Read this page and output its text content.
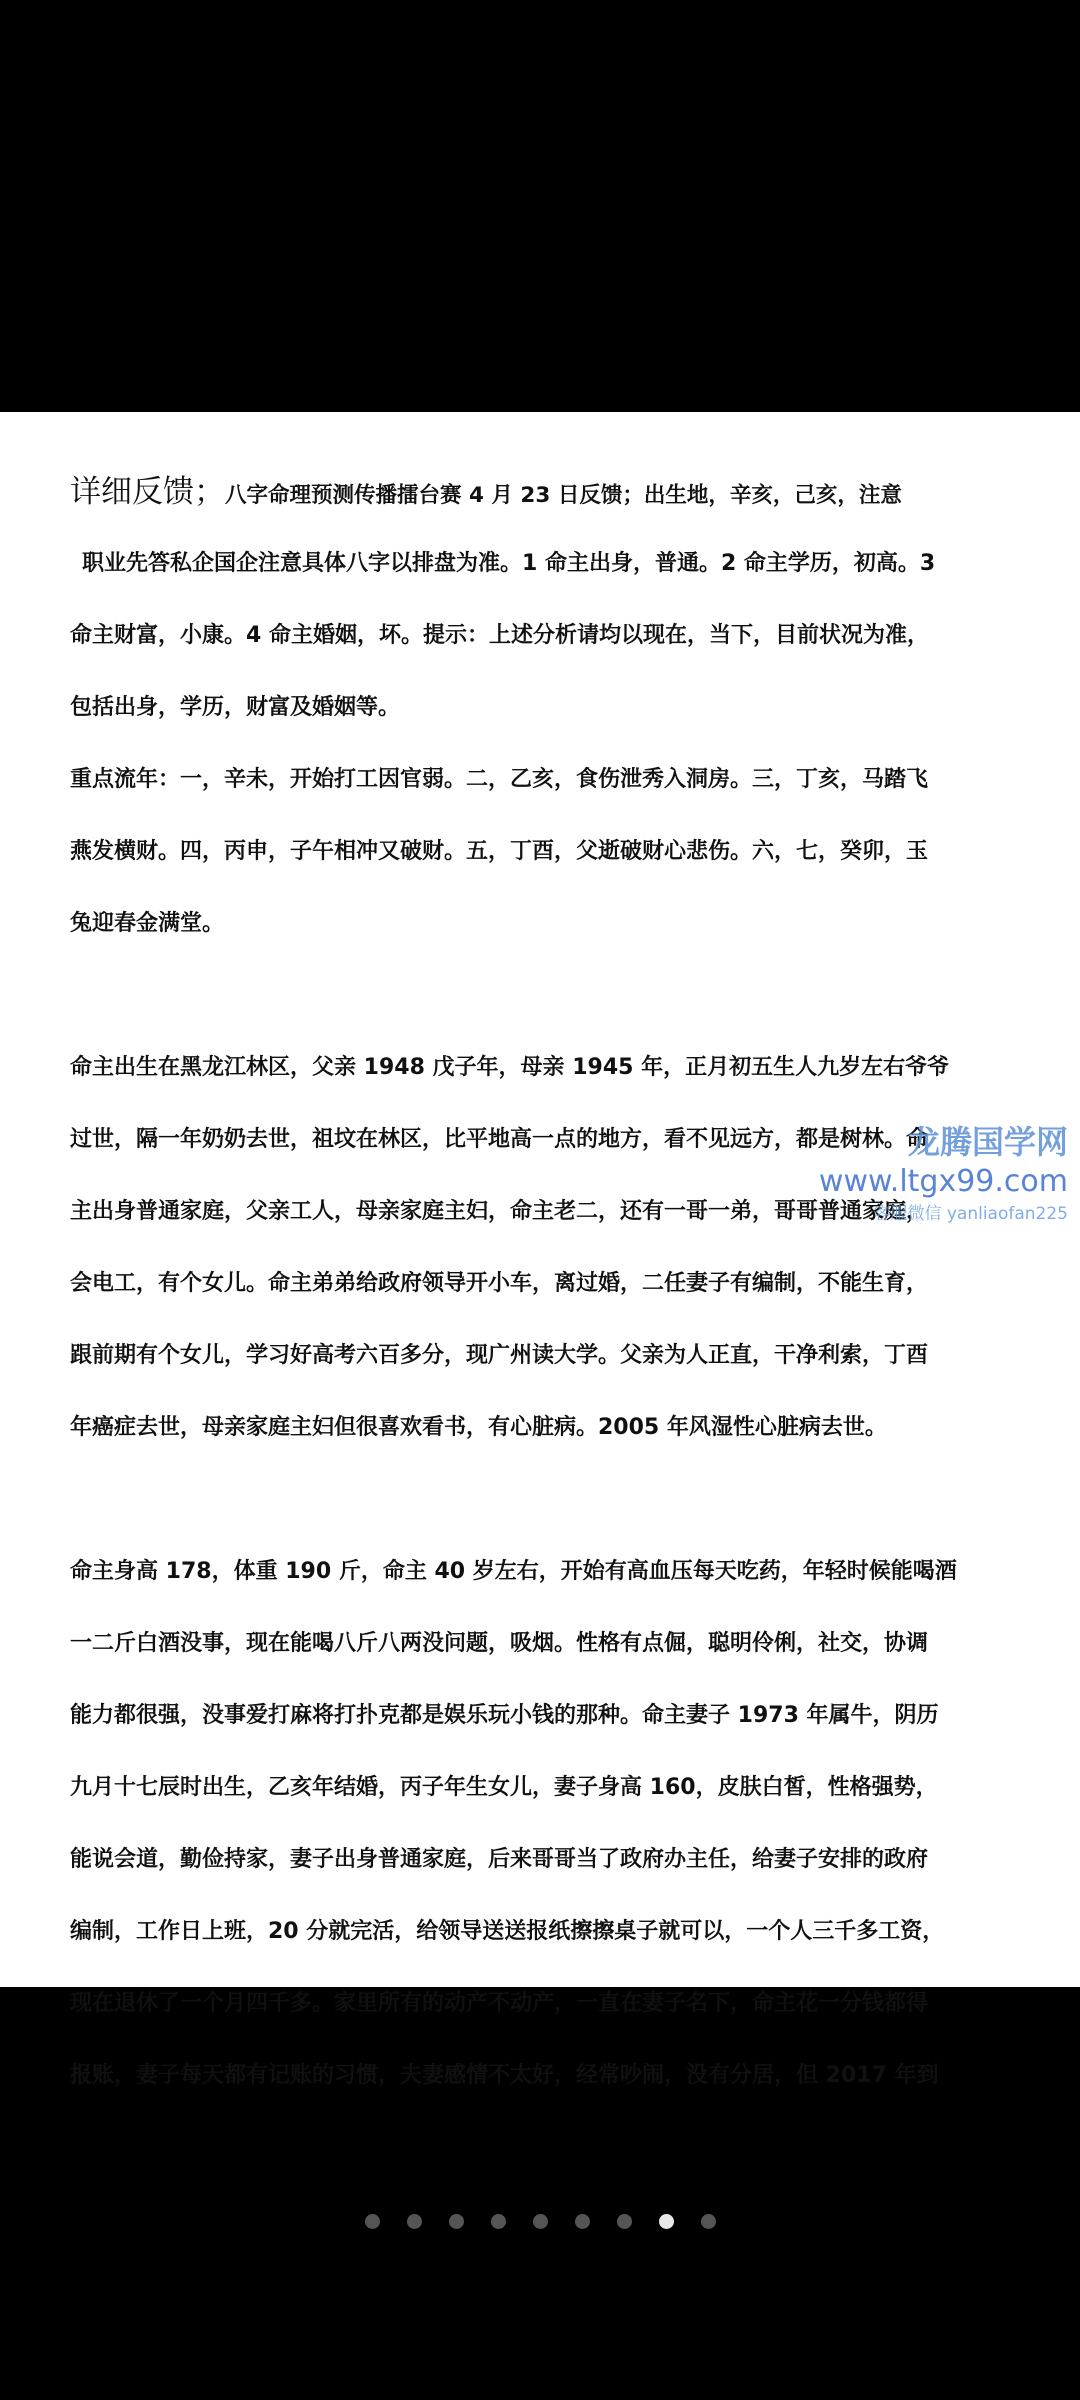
详细反馈；八字命理预测传播擂台赛 4 月 23 日反馈；出生地，辛亥，己亥，注意
职业先答私企国企注意具体八字以排盘为准。1 命主出身，普通。2 命主学历，初高。3
命主财富，小康。4 命主婚姻，坏。提示：上述分析请均以现在，当下，目前状况为准，
包括出身，学历，财富及婚姻等。
重点流年：一，辛未，开始打工因官弱。二，乙亥，食伤泄秀入洞房。三，丁亥，马踏飞
燕发横财。四，丙申，子午相冲又破财。五，丁酉，父逝破财心悲伤。六，七，癸卯，玉
兔迎春金满堂。
命主出生在黑龙江林区，父亲 1948 戊子年，母亲 1945 年，正月初五生人九岁左右爷爷
过世，隔一年奶奶去世，祖坟在林区，比平地高一点的地方，看不见远方，都是树林。命
主出身普通家庭，父亲工人，母亲家庭主妇，命主老二，还有一哥一弟，哥哥普通家庭，
会电工，有个女儿。命主弟弟给政府领导开小车，离过婚，二任妻子有编制，不能生育，
跟前期有个女儿，学习好高考六百多分，现广州读大学。父亲为人正直，干净利索，丁酉
年癌症去世，母亲家庭主妇但很喜欢看书，有心脏病。2005 年风湿性心脏病去世。
命主身高 178，体重 190 斤，命主 40 岁左右，开始有高血压每天吃药，年轻时候能喝酒
一二斤白酒没事，现在能喝八斤八两没问题，吸烟。性格有点倔，聪明伶俐，社交，协调
能力都很强，没事爱打麻将打扑克都是娱乐玩小钱的那种。命主妻子 1973 年属牛，阴历
九月十七辰时出生，乙亥年结婚，丙子年生女儿，妻子身高 160，皮肤白皙，性格强势，
能说会道，勤俭持家，妻子出身普通家庭，后来哥哥当了政府办主任，给妻子安排的政府
编制，工作日上班，20 分就完活，给领导送送报纸擦擦桌子就可以，一个人三千多工资，
现在退休了一个月四千多。家里所有的动产不动产，一直在妻子名下，命主花一分钱都得
报账，妻子每天都有记账的习惯，夫妻感情不太好，经常吵闹，没有分居，但 2017 年到
龙腾国学网
www.ltgx99.com
客服微信 yanliaofan225
